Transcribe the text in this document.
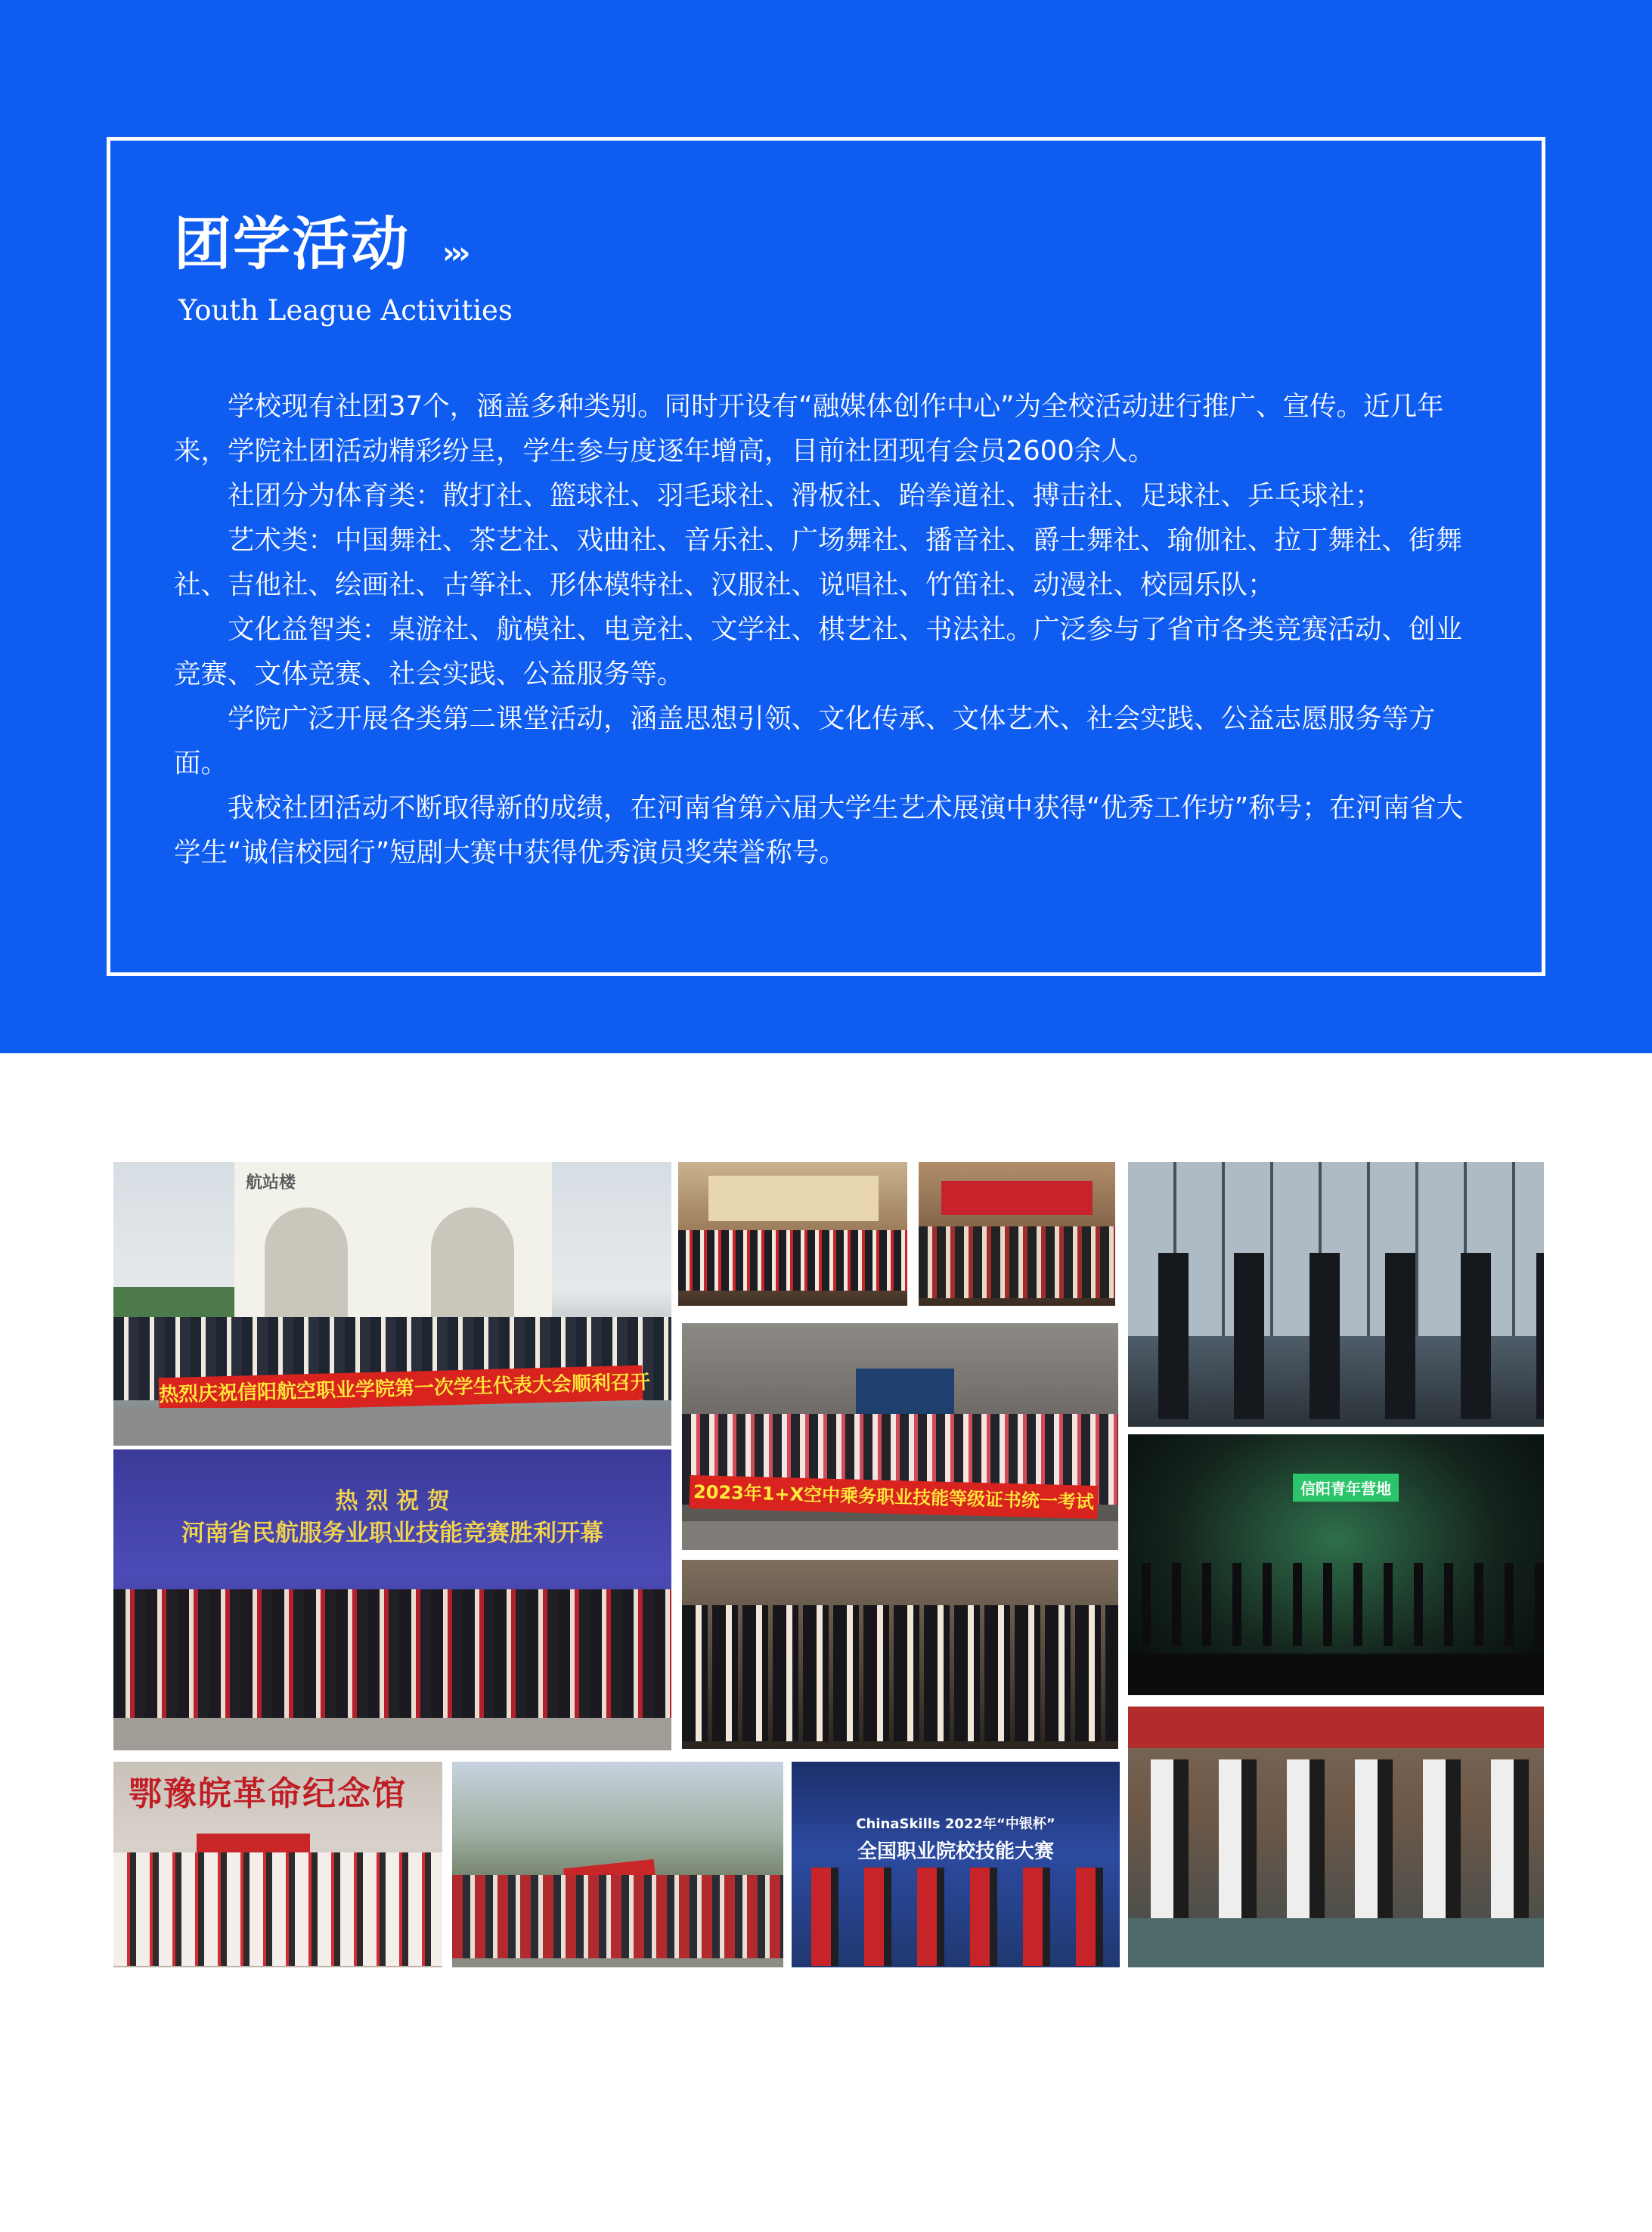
团学活动 ›››
Youth League Activities

学校现有社团37个，涵盖多种类别。同时开设有“融媒体创作中心”为全校活动进行推广、宣传。近几年来，学院社团活动精彩纷呈，学生参与度逐年增高，目前社团现有会员2600余人。

社团分为体育类：散打社、篮球社、羽毛球社、滑板社、跆拳道社、搏击社、足球社、乒乓球社；

艺术类：中国舞社、茶艺社、戏曲社、音乐社、广场舞社、播音社、爵士舞社、瑜伽社、拉丁舞社、街舞社、吉他社、绘画社、古筝社、形体模特社、汉服社、说唱社、竹笛社、动漫社、校园乐队；

文化益智类：桌游社、航模社、电竞社、文学社、棋艺社、书法社。广泛参与了省市各类竞赛活动、创业竞赛、文体竞赛、社会实践、公益服务等。

学院广泛开展各类第二课堂活动，涵盖思想引领、文化传承、文体艺术、社会实践、公益志愿服务等方面。

我校社团活动不断取得新的成绩，在河南省第六届大学生艺术展演中获得“优秀工作坊”称号；在河南省大学生“诚信校园行”短剧大赛中获得优秀演员奖荣誉称号。

航站楼
热烈庆祝信阳航空职业学院第一次学生代表大会顺利召开
2023年1+X空中乘务职业技能等级证书统一考试	信阳青年营地
热 烈 祝 贺
河南省民航服务业职业技能竞赛胜利开幕
鄂豫皖革命纪念馆
ChinaSkills 2022年“中银杯”
全国职业院校技能大赛
